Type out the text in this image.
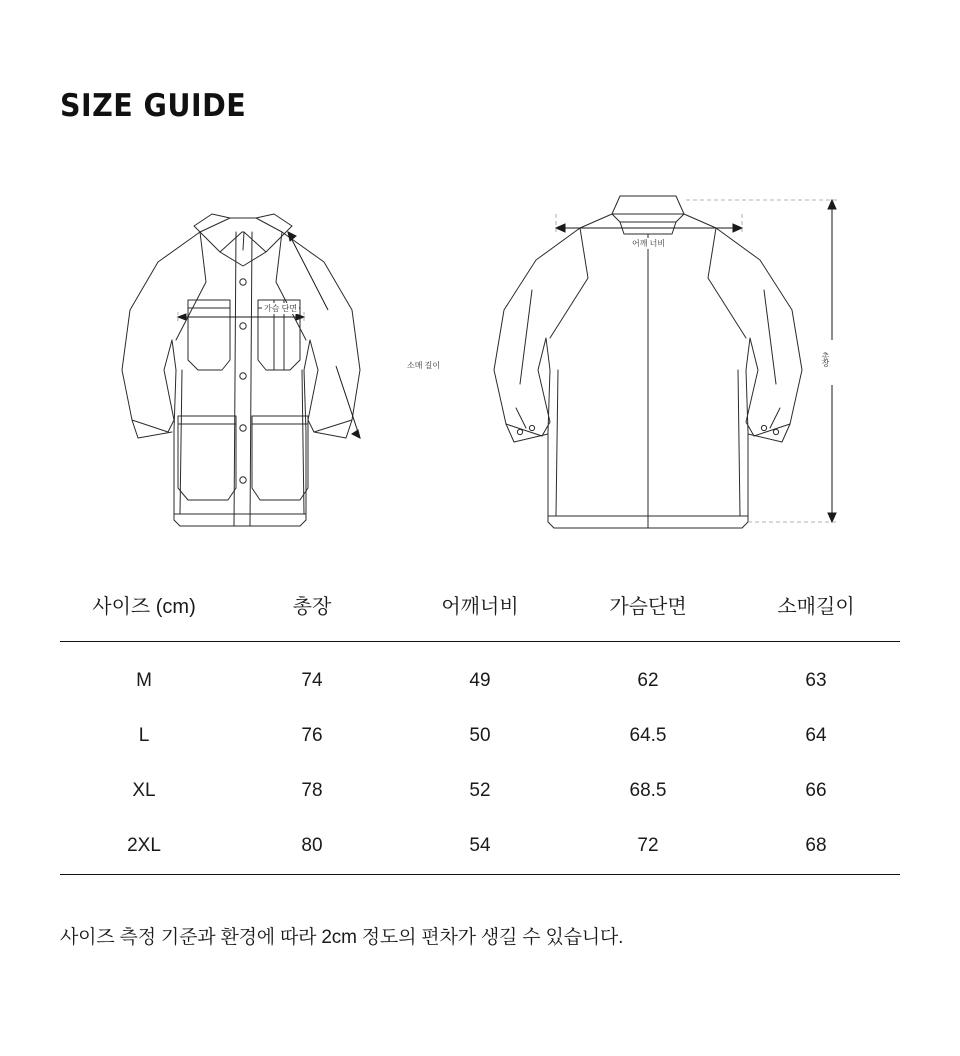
SIZE GUIDE
가슴 단면
소매 길이
어깨 너비
총장
사이즈 (cm)	총장	어깨너비	가슴단면	소매길이
M	74	49	62	63
L	76	50	64.5	64
XL	78	52	68.5	66
2XL	80	54	72	68
사이즈 측정 기준과 환경에 따라 2cm 정도의 편차가 생길 수 있습니다.
